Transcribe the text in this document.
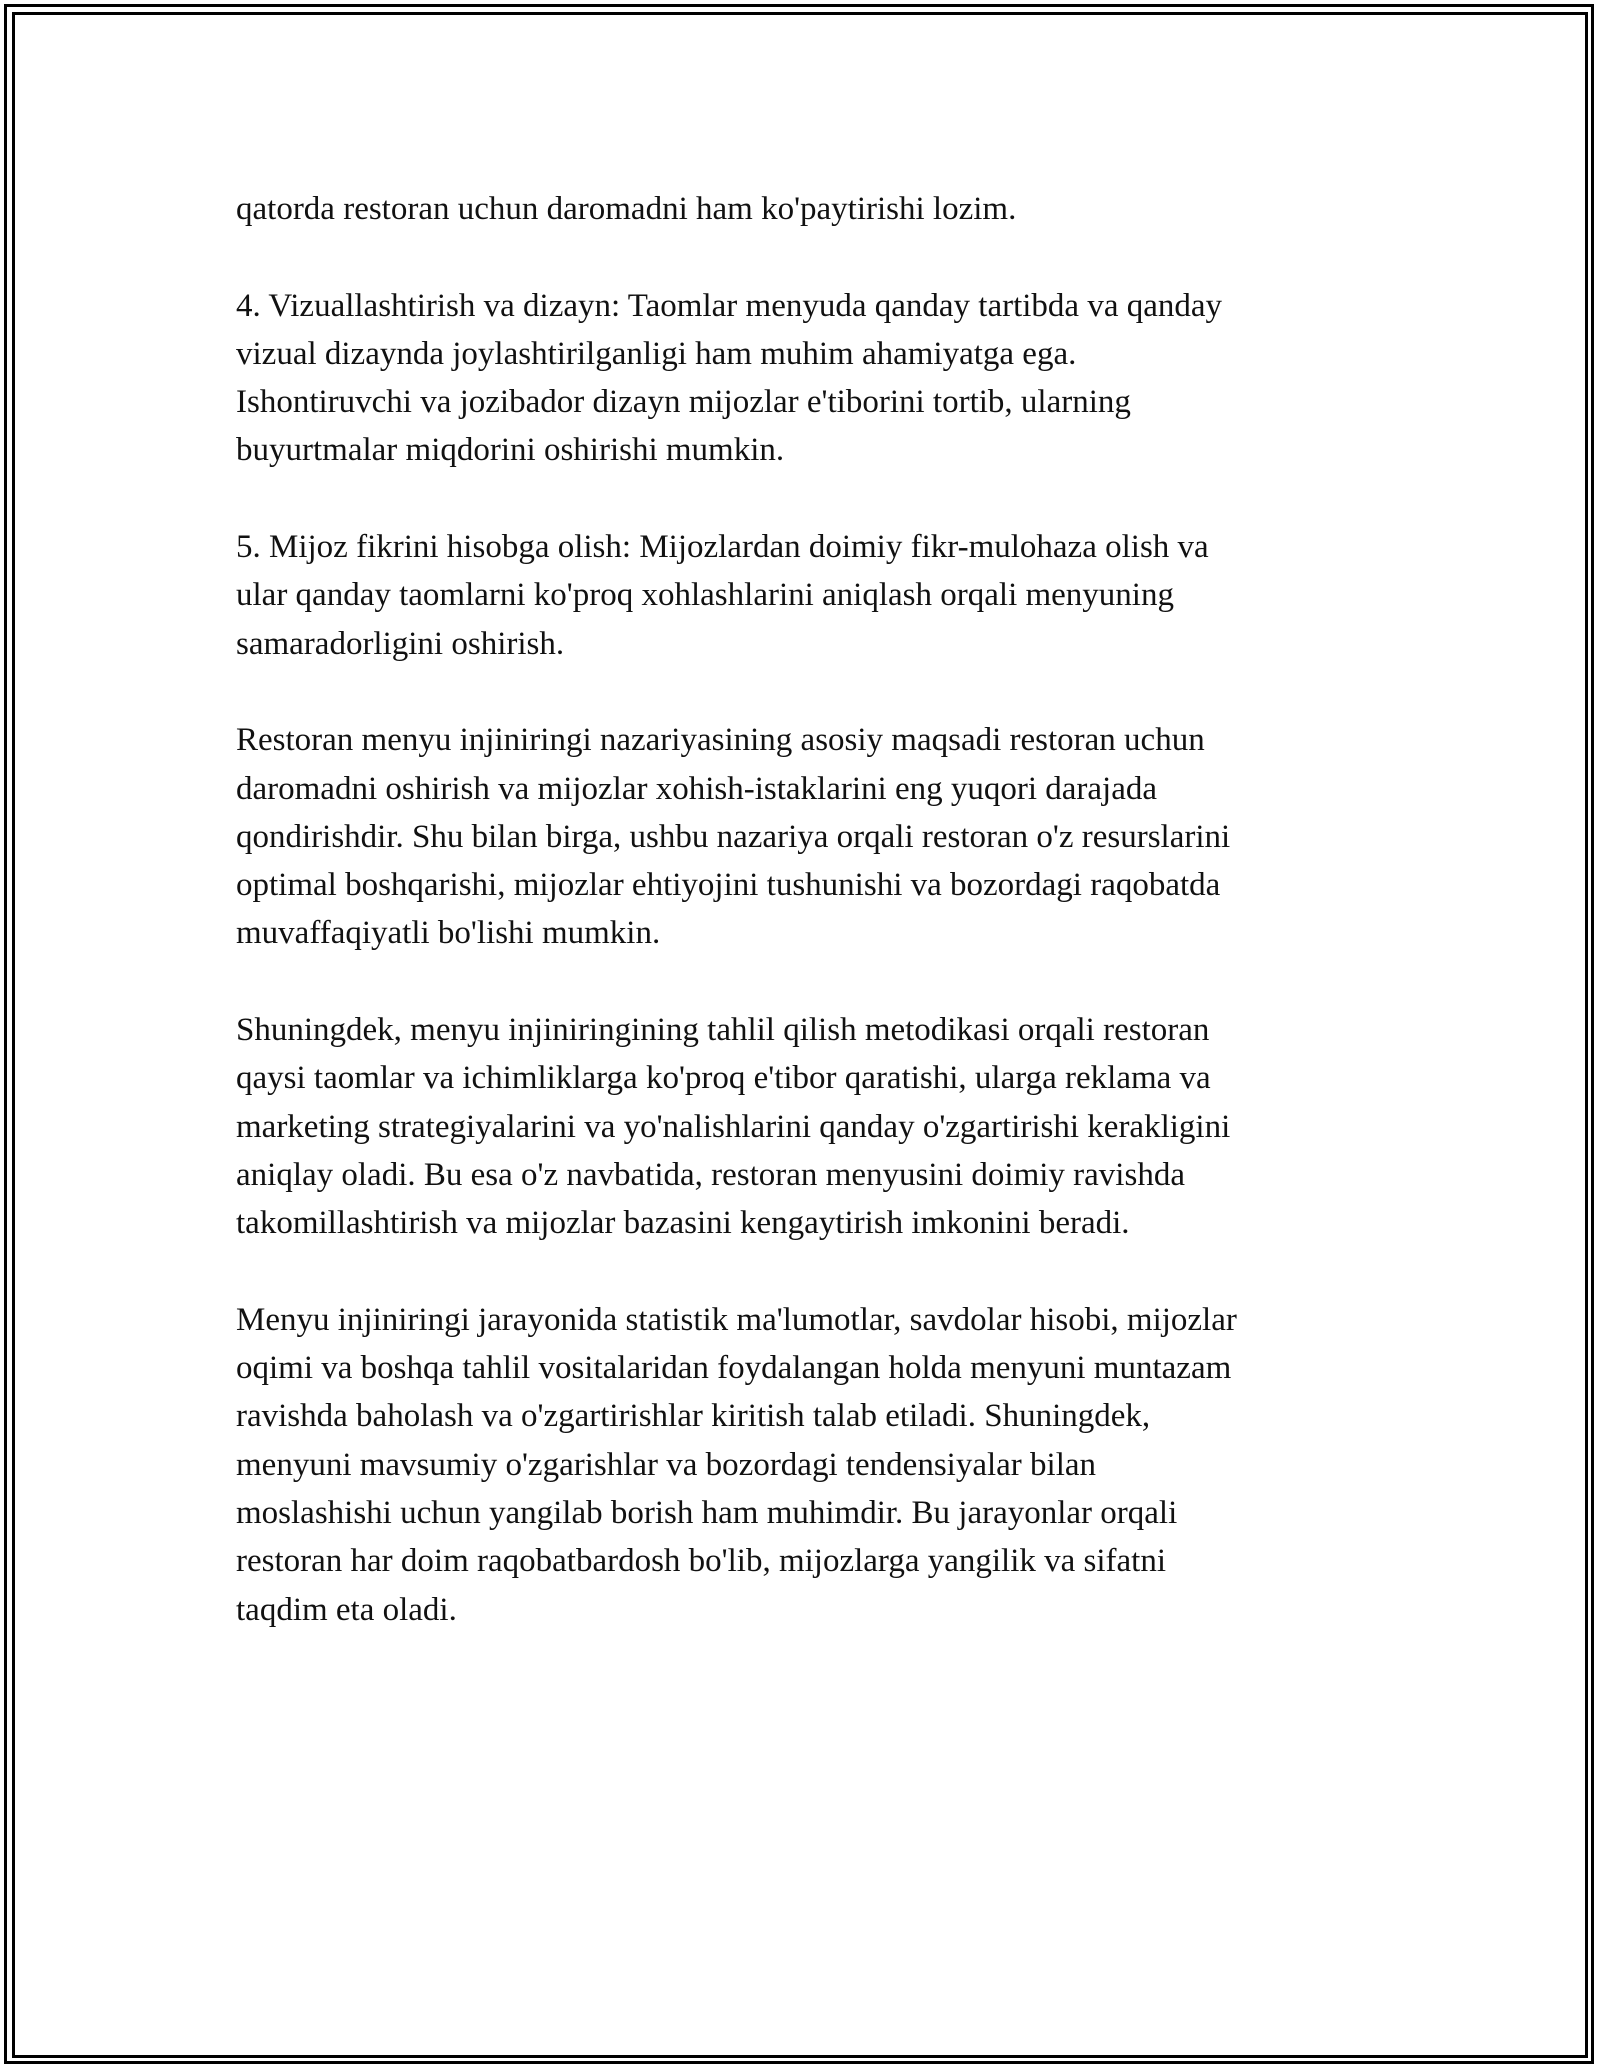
qatorda restoran uchun daromadni ham ko'paytirishi lozim.

4. Vizuallashtirish va dizayn: Taomlar menyuda qanday tartibda va qanday
vizual dizaynda joylashtirilganligi ham muhim ahamiyatga ega.
Ishontiruvchi va jozibador dizayn mijozlar e'tiborini tortib, ularning
buyurtmalar miqdorini oshirishi mumkin.

5. Mijoz fikrini hisobga olish: Mijozlardan doimiy fikr-mulohaza olish va
ular qanday taomlarni ko'proq xohlashlarini aniqlash orqali menyuning
samaradorligini oshirish.

Restoran menyu injiniringi nazariyasining asosiy maqsadi restoran uchun
daromadni oshirish va mijozlar xohish-istaklarini eng yuqori darajada
qondirishdir. Shu bilan birga, ushbu nazariya orqali restoran o'z resurslarini
optimal boshqarishi, mijozlar ehtiyojini tushunishi va bozordagi raqobatda
muvaffaqiyatli bo'lishi mumkin.

Shuningdek, menyu injiniringining tahlil qilish metodikasi orqali restoran
qaysi taomlar va ichimliklarga ko'proq e'tibor qaratishi, ularga reklama va
marketing strategiyalarini va yo'nalishlarini qanday o'zgartirishi kerakligini
aniqlay oladi. Bu esa o'z navbatida, restoran menyusini doimiy ravishda
takomillashtirish va mijozlar bazasini kengaytirish imkonini beradi.

Menyu injiniringi jarayonida statistik ma'lumotlar, savdolar hisobi, mijozlar
oqimi va boshqa tahlil vositalaridan foydalangan holda menyuni muntazam
ravishda baholash va o'zgartirishlar kiritish talab etiladi. Shuningdek,
menyuni mavsumiy o'zgarishlar va bozordagi tendensiyalar bilan
moslashishi uchun yangilab borish ham muhimdir. Bu jarayonlar orqali
restoran har doim raqobatbardosh bo'lib, mijozlarga yangilik va sifatni
taqdim eta oladi.
